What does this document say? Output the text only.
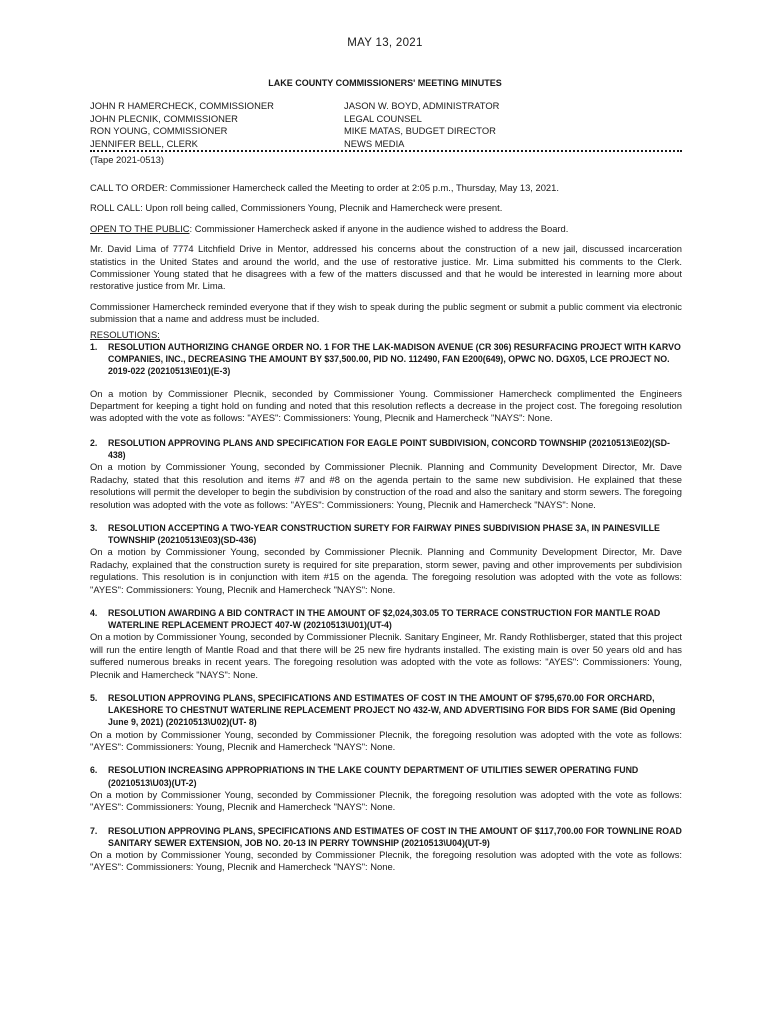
MAY 13, 2021
LAKE COUNTY COMMISSIONERS' MEETING MINUTES
JOHN R HAMERCHECK, COMMISSIONER
JOHN PLECNIK, COMMISSIONER
RON YOUNG, COMMISSIONER
JENNIFER BELL, CLERK
JASON W. BOYD, ADMINISTRATOR
LEGAL COUNSEL
MIKE MATAS, BUDGET DIRECTOR
NEWS MEDIA
(Tape 2021-0513)

CALL TO ORDER: Commissioner Hamercheck called the Meeting to order at 2:05 p.m., Thursday, May 13, 2021.

ROLL CALL: Upon roll being called, Commissioners Young, Plecnik and Hamercheck were present.

OPEN TO THE PUBLIC: Commissioner Hamercheck asked if anyone in the audience wished to address the Board.

Mr. David Lima of 7774 Litchfield Drive in Mentor, addressed his concerns about the construction of a new jail, discussed incarceration statistics in the United States and around the world, and the use of restorative justice. Mr. Lima submitted his comments to the Clerk. Commissioner Young stated that he disagrees with a few of the matters discussed and that he would be interested in learning more about restorative justice from Mr. Lima.

Commissioner Hamercheck reminded everyone that if they wish to speak during the public segment or submit a public comment via electronic submission that a name and address must be included.

RESOLUTIONS:
1. RESOLUTION AUTHORIZING CHANGE ORDER NO. 1 FOR THE LAK-MADISON AVENUE (CR 306) RESURFACING PROJECT WITH KARVO COMPANIES, INC., DECREASING THE AMOUNT BY $37,500.00, PID NO. 112490, FAN E200(649), OPWC NO. DGX05, LCE PROJECT NO. 2019-022 (20210513\E01)(E-3)

On a motion by Commissioner Plecnik, seconded by Commissioner Young. Commissioner Hamercheck complimented the Engineers Department for keeping a tight hold on funding and noted that this resolution reflects a decrease in the project cost. The foregoing resolution was adopted with the vote as follows: "AYES": Commissioners: Young, Plecnik and Hamercheck "NAYS": None.

2. RESOLUTION APPROVING PLANS AND SPECIFICATION FOR EAGLE POINT SUBDIVISION, CONCORD TOWNSHIP (20210513\E02)(SD-438)

On a motion by Commissioner Young, seconded by Commissioner Plecnik. Planning and Community Development Director, Mr. Dave Radachy, stated that this resolution and items #7 and #8 on the agenda pertain to the same new subdivision. He explained that these resolutions will permit the developer to begin the subdivision by construction of the road and also the sanitary and storm sewers. The foregoing resolution was adopted with the vote as follows: "AYES": Commissioners: Young, Plecnik and Hamercheck "NAYS": None.

3. RESOLUTION ACCEPTING A TWO-YEAR CONSTRUCTION SURETY FOR FAIRWAY PINES SUBDIVISION PHASE 3A, IN PAINESVILLE TOWNSHIP (20210513\E03)(SD-436)

On a motion by Commissioner Young, seconded by Commissioner Plecnik. Planning and Community Development Director, Mr. Dave Radachy, explained that the construction surety is required for site preparation, storm sewer, paving and other improvements per subdivision regulations. This resolution is in conjunction with item #15 on the agenda. The foregoing resolution was adopted with the vote as follows: "AYES": Commissioners: Young, Plecnik and Hamercheck "NAYS": None.

4. RESOLUTION AWARDING A BID CONTRACT IN THE AMOUNT OF $2,024,303.05 TO TERRACE CONSTRUCTION FOR MANTLE ROAD WATERLINE REPLACEMENT PROJECT 407-W (20210513\U01)(UT-4)

On a motion by Commissioner Young, seconded by Commissioner Plecnik. Sanitary Engineer, Mr. Randy Rothlisberger, stated that this project will run the entire length of Mantle Road and that there will be 25 new fire hydrants installed. The existing main is over 50 years old and has suffered numerous breaks in recent years. The foregoing resolution was adopted with the vote as follows: "AYES": Commissioners: Young, Plecnik and Hamercheck "NAYS": None.

5. RESOLUTION APPROVING PLANS, SPECIFICATIONS AND ESTIMATES OF COST IN THE AMOUNT OF $795,670.00 FOR ORCHARD, LAKESHORE TO CHESTNUT WATERLINE REPLACEMENT PROJECT NO 432-W, AND ADVERTISING FOR BIDS FOR SAME (Bid Opening June 9, 2021) (20210513\U02)(UT- 8)

On a motion by Commissioner Young, seconded by Commissioner Plecnik, the foregoing resolution was adopted with the vote as follows: "AYES": Commissioners: Young, Plecnik and Hamercheck "NAYS": None.

6. RESOLUTION INCREASING APPROPRIATIONS IN THE LAKE COUNTY DEPARTMENT OF UTILITIES SEWER OPERATING FUND (20210513\U03)(UT-2)

On a motion by Commissioner Young, seconded by Commissioner Plecnik, the foregoing resolution was adopted with the vote as follows: "AYES": Commissioners: Young, Plecnik and Hamercheck "NAYS": None.

7. RESOLUTION APPROVING PLANS, SPECIFICATIONS AND ESTIMATES OF COST IN THE AMOUNT OF $117,700.00 FOR TOWNLINE ROAD SANITARY SEWER EXTENSION, JOB NO. 20-13 IN PERRY TOWNSHIP (20210513\U04)(UT-9)

On a motion by Commissioner Young, seconded by Commissioner Plecnik, the foregoing resolution was adopted with the vote as follows: "AYES": Commissioners: Young, Plecnik and Hamercheck "NAYS": None.
